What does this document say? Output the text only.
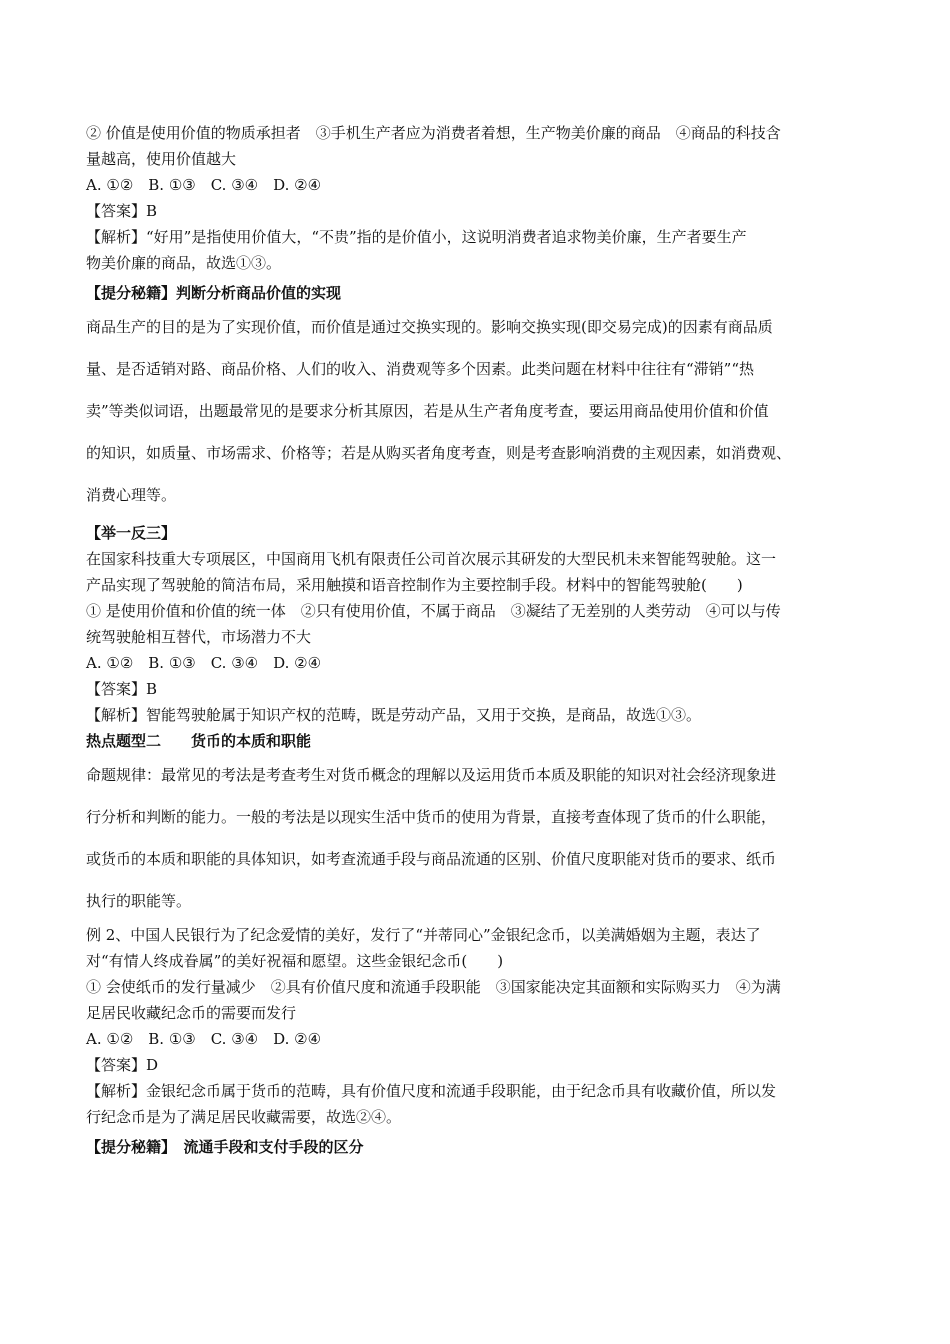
② 价值是使用价值的物质承担者　③手机生产者应为消费者着想，生产物美价廉的商品　④商品的科技含

量越高，使用价值越大

A. ①②　B. ①③　C. ③④　D. ②④

【答案】B

【解析】“好用”是指使用价值大，“不贵”指的是价值小，这说明消费者追求物美价廉，生产者要生产

物美价廉的商品，故选①③。

【提分秘籍】判断分析商品价值的实现

商品生产的目的是为了实现价值，而价值是通过交换实现的。影响交换实现(即交易完成)的因素有商品质

量、是否适销对路、商品价格、人们的收入、消费观等多个因素。此类问题在材料中往往有“滞销”“热

卖”等类似词语，出题最常见的是要求分析其原因，若是从生产者角度考查，要运用商品使用价值和价值

的知识，如质量、市场需求、价格等；若是从购买者角度考查，则是考查影响消费的主观因素，如消费观、

消费心理等。

【举一反三】

在国家科技重大专项展区，中国商用飞机有限责任公司首次展示其研发的大型民机未来智能驾驶舱。这一

产品实现了驾驶舱的简洁布局，采用触摸和语音控制作为主要控制手段。材料中的智能驾驶舱(　　)

① 是使用价值和价值的统一体　②只有使用价值，不属于商品　③凝结了无差别的人类劳动　④可以与传

统驾驶舱相互替代，市场潜力不大

A. ①②　B. ①③　C. ③④　D. ②④

【答案】B

【解析】智能驾驶舱属于知识产权的范畴，既是劳动产品，又用于交换，是商品，故选①③。

热点题型二　　货币的本质和职能

命题规律：最常见的考法是考查考生对货币概念的理解以及运用货币本质及职能的知识对社会经济现象进

行分析和判断的能力。一般的考法是以现实生活中货币的使用为背景，直接考查体现了货币的什么职能，

或货币的本质和职能的具体知识，如考查流通手段与商品流通的区别、价值尺度职能对货币的要求、纸币

执行的职能等。

例 2、中国人民银行为了纪念爱情的美好，发行了“并蒂同心”金银纪念币，以美满婚姻为主题，表达了

对“有情人终成眷属”的美好祝福和愿望。这些金银纪念币(　　)

① 会使纸币的发行量减少　②具有价值尺度和流通手段职能　③国家能决定其面额和实际购买力　④为满

足居民收藏纪念币的需要而发行

A. ①②　B. ①③　C. ③④　D. ②④

【答案】D

【解析】金银纪念币属于货币的范畴，具有价值尺度和流通手段职能，由于纪念币具有收藏价值，所以发

行纪念币是为了满足居民收藏需要，故选②④。

【提分秘籍】　流通手段和支付手段的区分
